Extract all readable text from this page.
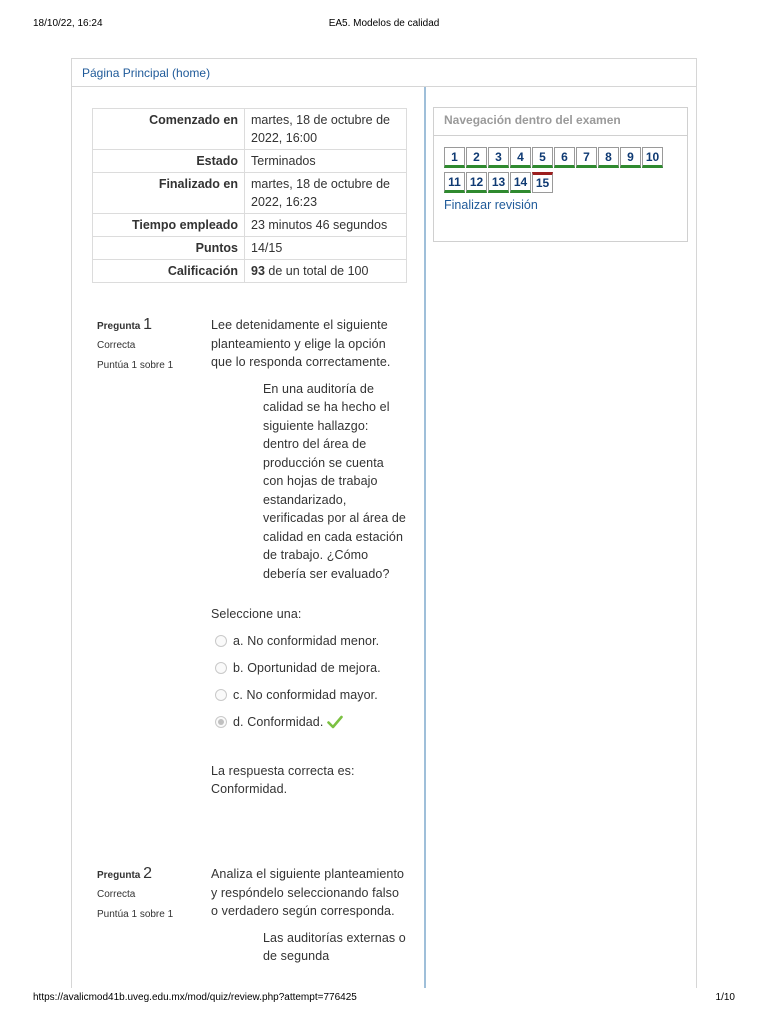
18/10/22, 16:24	EA5. Modelos de calidad
Página Principal (home)
Comenzado en	martes, 18 de octubre de 2022, 16:00
Estado	Terminados
Finalizado en	martes, 18 de octubre de 2022, 16:23
Tiempo empleado	23 minutos 46 segundos
Puntos	14/15
Calificación	93 de un total de 100
Navegación dentro del examen
1 2 3 4 5 6 7 8 9 1011 12 13 14 15
Finalizar revisión
Pregunta 1
Correcta
Puntúa 1 sobre 1
Lee detenidamente el siguiente planteamiento y elige la opción que lo responda correctamente.
En una auditoría de calidad se ha hecho el siguiente hallazgo: dentro del área de producción se cuenta con hojas de trabajo estandarizado, verificadas por al área de calidad en cada estación de trabajo. ¿Cómo debería ser evaluado?
Seleccione una:
a. No conformidad menor.
b. Oportunidad de mejora.
c. No conformidad mayor.
d. Conformidad.
La respuesta correcta es: Conformidad.
Pregunta 2
Correcta
Puntúa 1 sobre 1
Analiza el siguiente planteamiento y respóndelo seleccionando falso o verdadero según corresponda.
Las auditorías externas o de segunda
https://avalicmod41b.uveg.edu.mx/mod/quiz/review.php?attempt=776425	1/10
